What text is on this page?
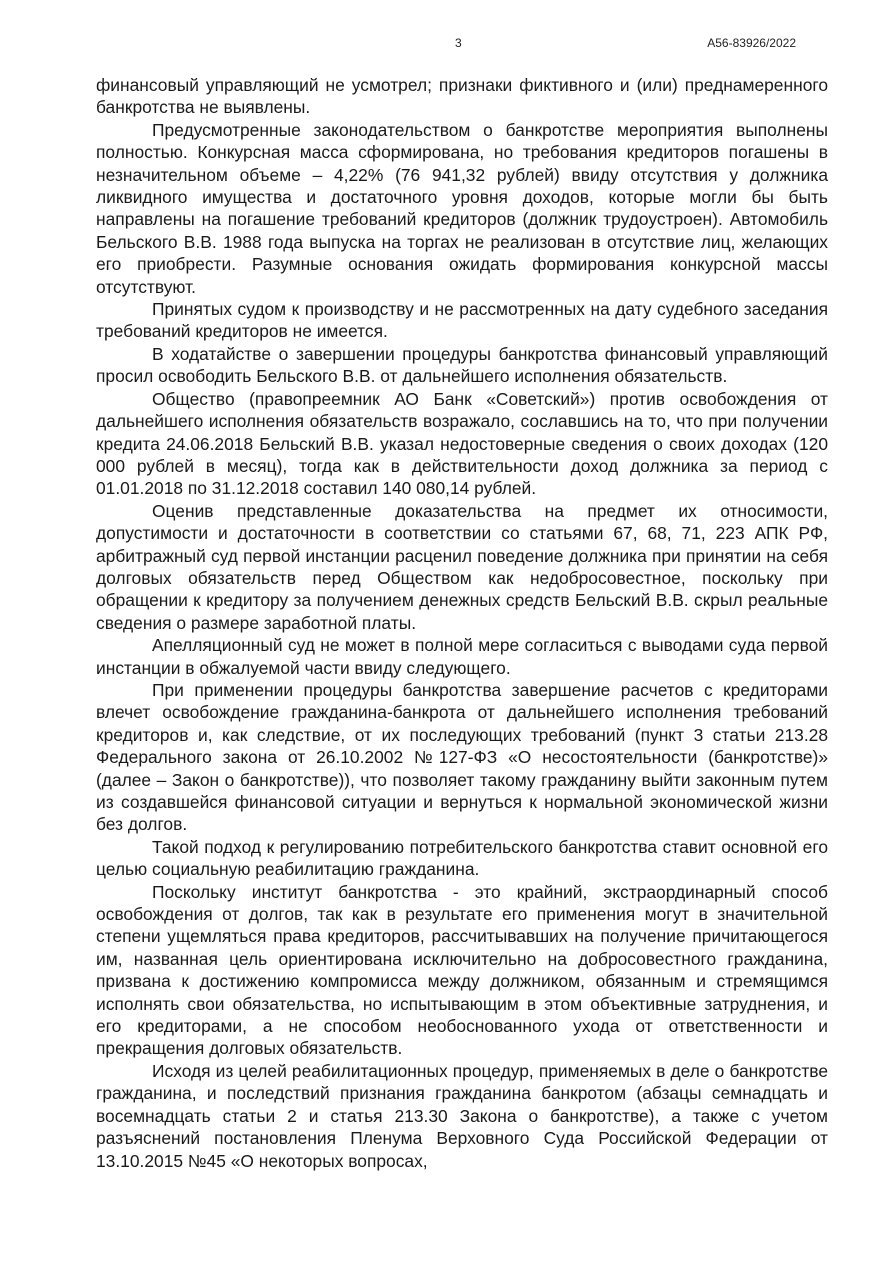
3	А56-83926/2022

финансовый управляющий не усмотрел; признаки фиктивного и (или) преднамеренного банкротства не выявлены.

Предусмотренные законодательством о банкротстве мероприятия выполнены полностью. Конкурсная масса сформирована, но требования кредиторов погашены в незначительном объеме – 4,22% (76 941,32 рублей) ввиду отсутствия у должника ликвидного имущества и достаточного уровня доходов, которые могли бы быть направлены на погашение требований кредиторов (должник трудоустроен). Автомобиль Бельского В.В. 1988 года выпуска на торгах не реализован в отсутствие лиц, желающих его приобрести. Разумные основания ожидать формирования конкурсной массы отсутствуют.

Принятых судом к производству и не рассмотренных на дату судебного заседания требований кредиторов не имеется.

В ходатайстве о завершении процедуры банкротства финансовый управляющий просил освободить Бельского В.В. от дальнейшего исполнения обязательств.

Общество (правопреемник АО Банк «Советский») против освобождения от дальнейшего исполнения обязательств возражало, сославшись на то, что при получении кредита 24.06.2018 Бельский В.В. указал недостоверные сведения о своих доходах (120 000 рублей в месяц), тогда как в действительности доход должника за период с 01.01.2018 по 31.12.2018 составил 140 080,14 рублей.

Оценив представленные доказательства на предмет их относимости, допустимости и достаточности в соответствии со статьями 67, 68, 71, 223 АПК РФ, арбитражный суд первой инстанции расценил поведение должника при принятии на себя долговых обязательств перед Обществом как недобросовестное, поскольку при обращении к кредитору за получением денежных средств Бельский В.В. скрыл реальные сведения о размере заработной платы.

Апелляционный суд не может в полной мере согласиться с выводами суда первой инстанции в обжалуемой части ввиду следующего.

При применении процедуры банкротства завершение расчетов с кредиторами влечет освобождение гражданина-банкрота от дальнейшего исполнения требований кредиторов и, как следствие, от их последующих требований (пункт 3 статьи 213.28 Федерального закона от 26.10.2002 №127-ФЗ «О несостоятельности (банкротстве)» (далее – Закон о банкротстве)), что позволяет такому гражданину выйти законным путем из создавшейся финансовой ситуации и вернуться к нормальной экономической жизни без долгов.

Такой подход к регулированию потребительского банкротства ставит основной его целью социальную реабилитацию гражданина.

Поскольку институт банкротства - это крайний, экстраординарный способ освобождения от долгов, так как в результате его применения могут в значительной степени ущемляться права кредиторов, рассчитывавших на получение причитающегося им, названная цель ориентирована исключительно на добросовестного гражданина, призвана к достижению компромисса между должником, обязанным и стремящимся исполнять свои обязательства, но испытывающим в этом объективные затруднения, и его кредиторами, а не способом необоснованного ухода от ответственности и прекращения долговых обязательств.

Исходя из целей реабилитационных процедур, применяемых в деле о банкротстве гражданина, и последствий признания гражданина банкротом (абзацы семнадцать и восемнадцать статьи 2 и статья 213.30 Закона о банкротстве), а также с учетом разъяснений постановления Пленума Верховного Суда Российской Федерации от 13.10.2015 №45 «О некоторых вопросах,
